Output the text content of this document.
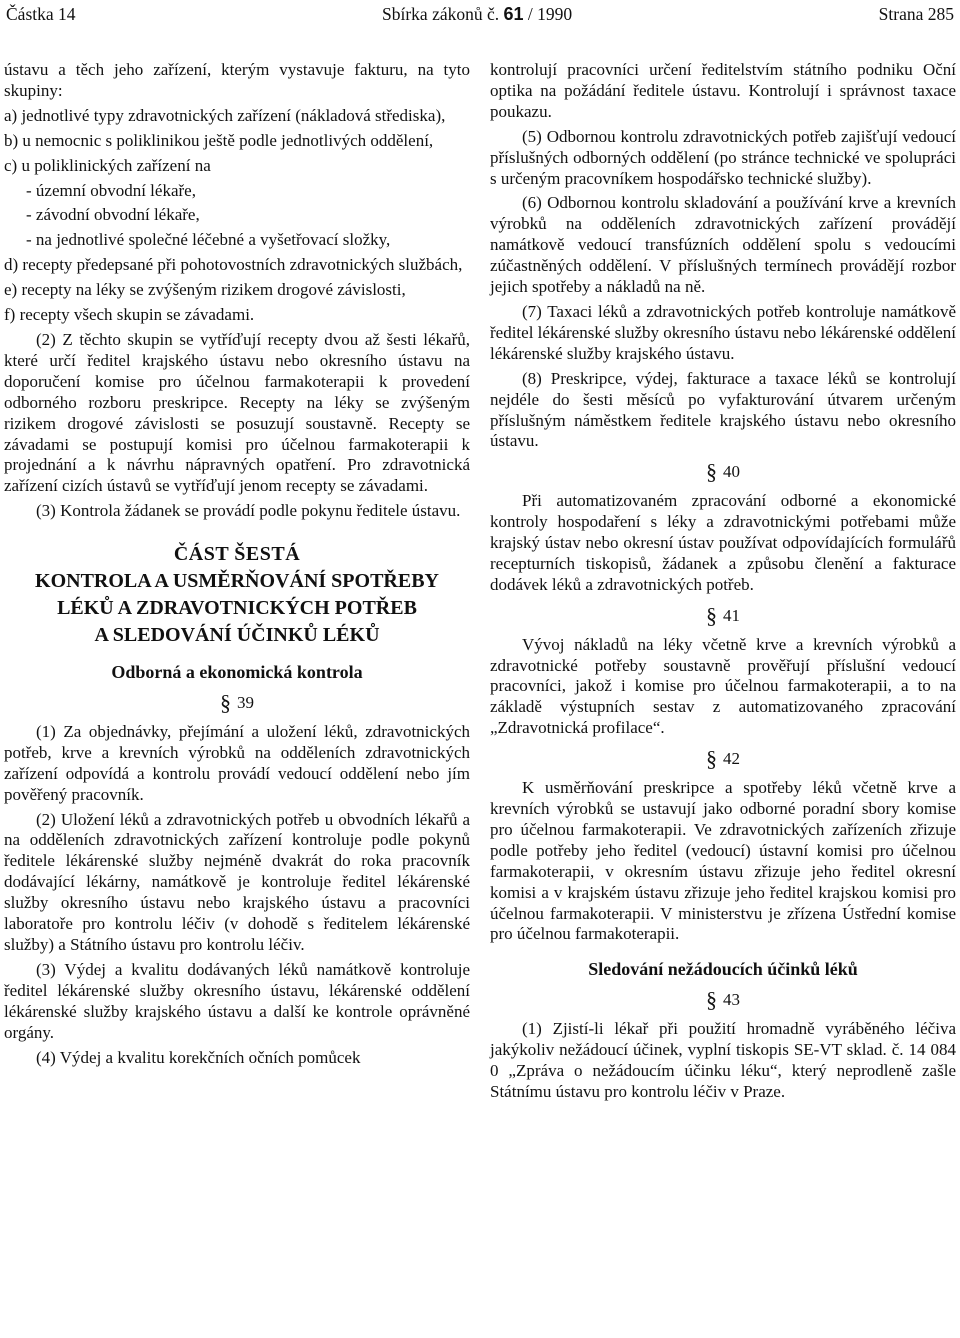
Částka 14	Sbírka zákonů č. 61 / 1990	Strana 285

ústavu a těch jeho zařízení, kterým vystavuje fakturu, na tyto skupiny:

a) jednotlivé typy zdravotnických zařízení (nákladová střediska),

b) u nemocnic s poliklinikou ještě podle jednotlivých oddělení,

c) u poliklinických zařízení na

- územní obvodní lékaře,

- závodní obvodní lékaře,

- na jednotlivé společné léčebné a vyšetřovací složky,

d) recepty předepsané při pohotovostních zdravotnických službách,

e) recepty na léky se zvýšeným rizikem drogové závislosti,

f) recepty všech skupin se závadami.

(2) Z těchto skupin se vytříďují recepty dvou až šesti lékařů, které určí ředitel krajského ústavu nebo okresního ústavu na doporučení komise pro účelnou farmakoterapii k provedení odborného rozboru preskripce. Recepty na léky se zvýšeným rizikem drogové závislosti se posuzují soustavně. Recepty se závadami se postupují komisi pro účelnou farmakoterapii k projednání a k návrhu nápravných opatření. Pro zdravotnická zařízení cizích ústavů se vytříďují jenom recepty se závadami.

(3) Kontrola žádanek se provádí podle pokynu ředitele ústavu.

ČÁST ŠESTÁ
KONTROLA A USMĚRŇOVÁNÍ SPOTŘEBY
LÉKŮ A ZDRAVOTNICKÝCH POTŘEB
A SLEDOVÁNÍ ÚČINKŮ LÉKŮ
Odborná a ekonomická kontrola
§ 39

(1) Za objednávky, přejímání a uložení léků, zdravotnických potřeb, krve a krevních výrobků na odděleních zdravotnických zařízení odpovídá a kontrolu provádí vedoucí oddělení nebo jím pověřený pracovník.

(2) Uložení léků a zdravotnických potřeb u obvodních lékařů a na odděleních zdravotnických zařízení kontroluje podle pokynů ředitele lékárenské služby nejméně dvakrát do roka pracovník dodávající lékárny, namátkově je kontroluje ředitel lékárenské služby okresního ústavu nebo krajského ústavu a pracovníci laboratoře pro kontrolu léčiv (v dohodě s ředitelem lékárenské služby) a Státního ústavu pro kontrolu léčiv.

(3) Výdej a kvalitu dodávaných léků namátkově kontroluje ředitel lékárenské služby okresního ústavu, lékárenské oddělení lékárenské služby krajského ústavu a další ke kontrole oprávněné orgány.

(4) Výdej a kvalitu korekčních očních pomůcek

kontrolují pracovníci určení ředitelstvím státního podniku Oční optika na požádání ředitele ústavu. Kontrolují i správnost taxace poukazu.

(5) Odbornou kontrolu zdravotnických potřeb zajišťují vedoucí příslušných odborných oddělení (po stránce technické ve spolupráci s určeným pracovníkem hospodářsko technické služby).

(6) Odbornou kontrolu skladování a používání krve a krevních výrobků na odděleních zdravotnických zařízení provádějí namátkově vedoucí transfúzních oddělení spolu s vedoucími zúčastněných oddělení. V příslušných termínech provádějí rozbor jejich spotřeby a nákladů na ně.

(7) Taxaci léků a zdravotnických potřeb kontroluje namátkově ředitel lékárenské služby okresního ústavu nebo lékárenské oddělení lékárenské služby krajského ústavu.

(8) Preskripce, výdej, fakturace a taxace léků se kontrolují nejdéle do šesti měsíců po vyfakturování útvarem určeným příslušným náměstkem ředitele krajského ústavu nebo okresního ústavu.

§ 40

Při automatizovaném zpracování odborné a ekonomické kontroly hospodaření s léky a zdravotnickými potřebami může krajský ústav nebo okresní ústav používat odpovídajících formulářů recepturních tiskopisů, žádanek a způsobu členění a fakturace dodávek léků a zdravotnických potřeb.

§ 41

Vývoj nákladů na léky včetně krve a krevních výrobků a zdravotnické potřeby soustavně prověřují příslušní vedoucí pracovníci, jakož i komise pro účelnou farmakoterapii, a to na základě výstupních sestav z automatizovaného zpracování „Zdravotnická profilace“.

§ 42

K usměrňování preskripce a spotřeby léků včetně krve a krevních výrobků se ustavují jako odborné poradní sbory komise pro účelnou farmakoterapii. Ve zdravotnických zařízeních zřizuje podle potřeby jeho ředitel (vedoucí) ústavní komisi pro účelnou farmakoterapii, v okresním ústavu zřizuje jeho ředitel okresní komisi a v krajském ústavu zřizuje jeho ředitel krajskou komisi pro účelnou farmakoterapii. V ministerstvu je zřízena Ústřední komise pro účelnou farmakoterapii.

Sledování nežádoucích účinků léků
§ 43

(1) Zjistí-li lékař při použití hromadně vyráběného léčiva jakýkoliv nežádoucí účinek, vyplní tiskopis SE-VT sklad. č. 14 084 0 „Zpráva o nežádoucím účinku léku“, který neprodleně zašle Státnímu ústavu pro kontrolu léčiv v Praze.
